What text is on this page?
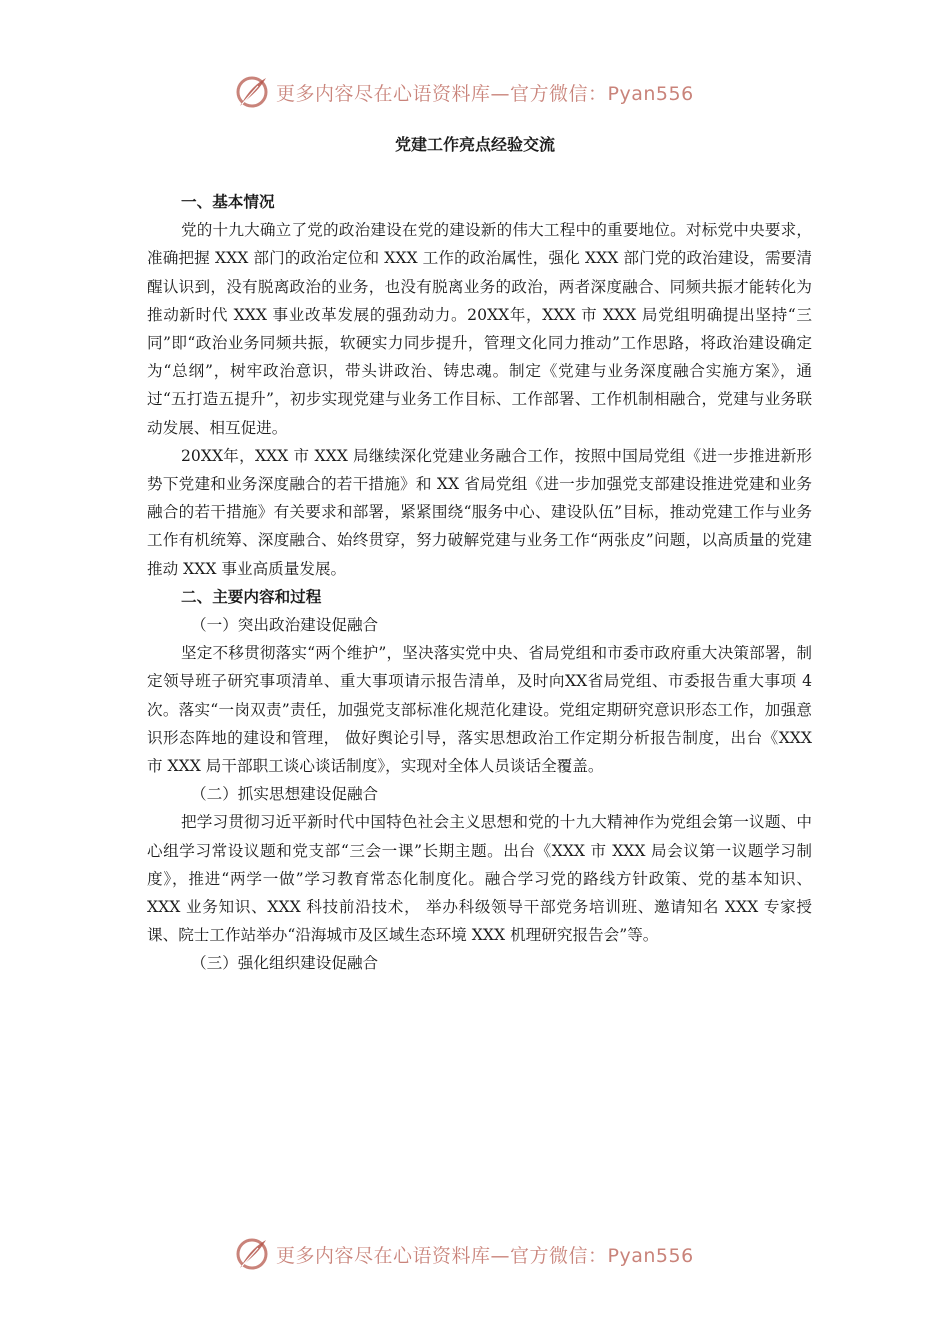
更多内容尽在心语资料库—官方微信：Pyan556
党建工作亮点经验交流

一、基本情况

党的十九大确立了党的政治建设在党的建设新的伟大工程中的重要地位。对标党中央要求，准确把握 XXX 部门的政治定位和 XXX 工作的政治属性，强化 XXX 部门党的政治建设，需要清醒认识到，没有脱离政治的业务，也没有脱离业务的政治，两者深度融合、同频共振才能转化为推动新时代 XXX 事业改革发展的强劲动力。20XX年，XXX 市 XXX 局党组明确提出坚持“三同”即“政治业务同频共振，软硬实力同步提升，管理文化同力推动”工作思路，将政治建设确定为“总纲”，树牢政治意识，带头讲政治、铸忠魂。制定《党建与业务深度融合实施方案》，通过“五打造五提升”，初步实现党建与业务工作目标、工作部署、工作机制相融合，党建与业务联动发展、相互促进。

20XX年，XXX 市 XXX 局继续深化党建业务融合工作，按照中国局党组《进一步推进新形势下党建和业务深度融合的若干措施》和 XX 省局党组《进一步加强党支部建设推进党建和业务融合的若干措施》有关要求和部署，紧紧围绕“服务中心、建设队伍”目标，推动党建工作与业务工作有机统筹、深度融合、始终贯穿，努力破解党建与业务工作“两张皮”问题，以高质量的党建推动 XXX 事业高质量发展。

二、主要内容和过程

（一）突出政治建设促融合

坚定不移贯彻落实“两个维护”，坚决落实党中央、省局党组和市委市政府重大决策部署，制定领导班子研究事项清单、重大事项请示报告清单，及时向XX省局党组、市委报告重大事项 4 次。落实“一岗双责”责任，加强党支部标准化规范化建设。党组定期研究意识形态工作，加强意识形态阵地的建设和管理， 做好舆论引导，落实思想政治工作定期分析报告制度，出台《XXX 市 XXX 局干部职工谈心谈话制度》，实现对全体人员谈话全覆盖。

（二）抓实思想建设促融合

把学习贯彻习近平新时代中国特色社会主义思想和党的十九大精神作为党组会第一议题、中心组学习常设议题和党支部“三会一课”长期主题。出台《XXX 市 XXX 局会议第一议题学习制度》，推进“两学一做”学习教育常态化制度化。融合学习党的路线方针政策、党的基本知识、XXX 业务知识、XXX 科技前沿技术， 举办科级领导干部党务培训班、邀请知名 XXX 专家授课、院士工作站举办“沿海城市及区域生态环境 XXX 机理研究报告会”等。

（三）强化组织建设促融合

更多内容尽在心语资料库—官方微信：Pyan556
